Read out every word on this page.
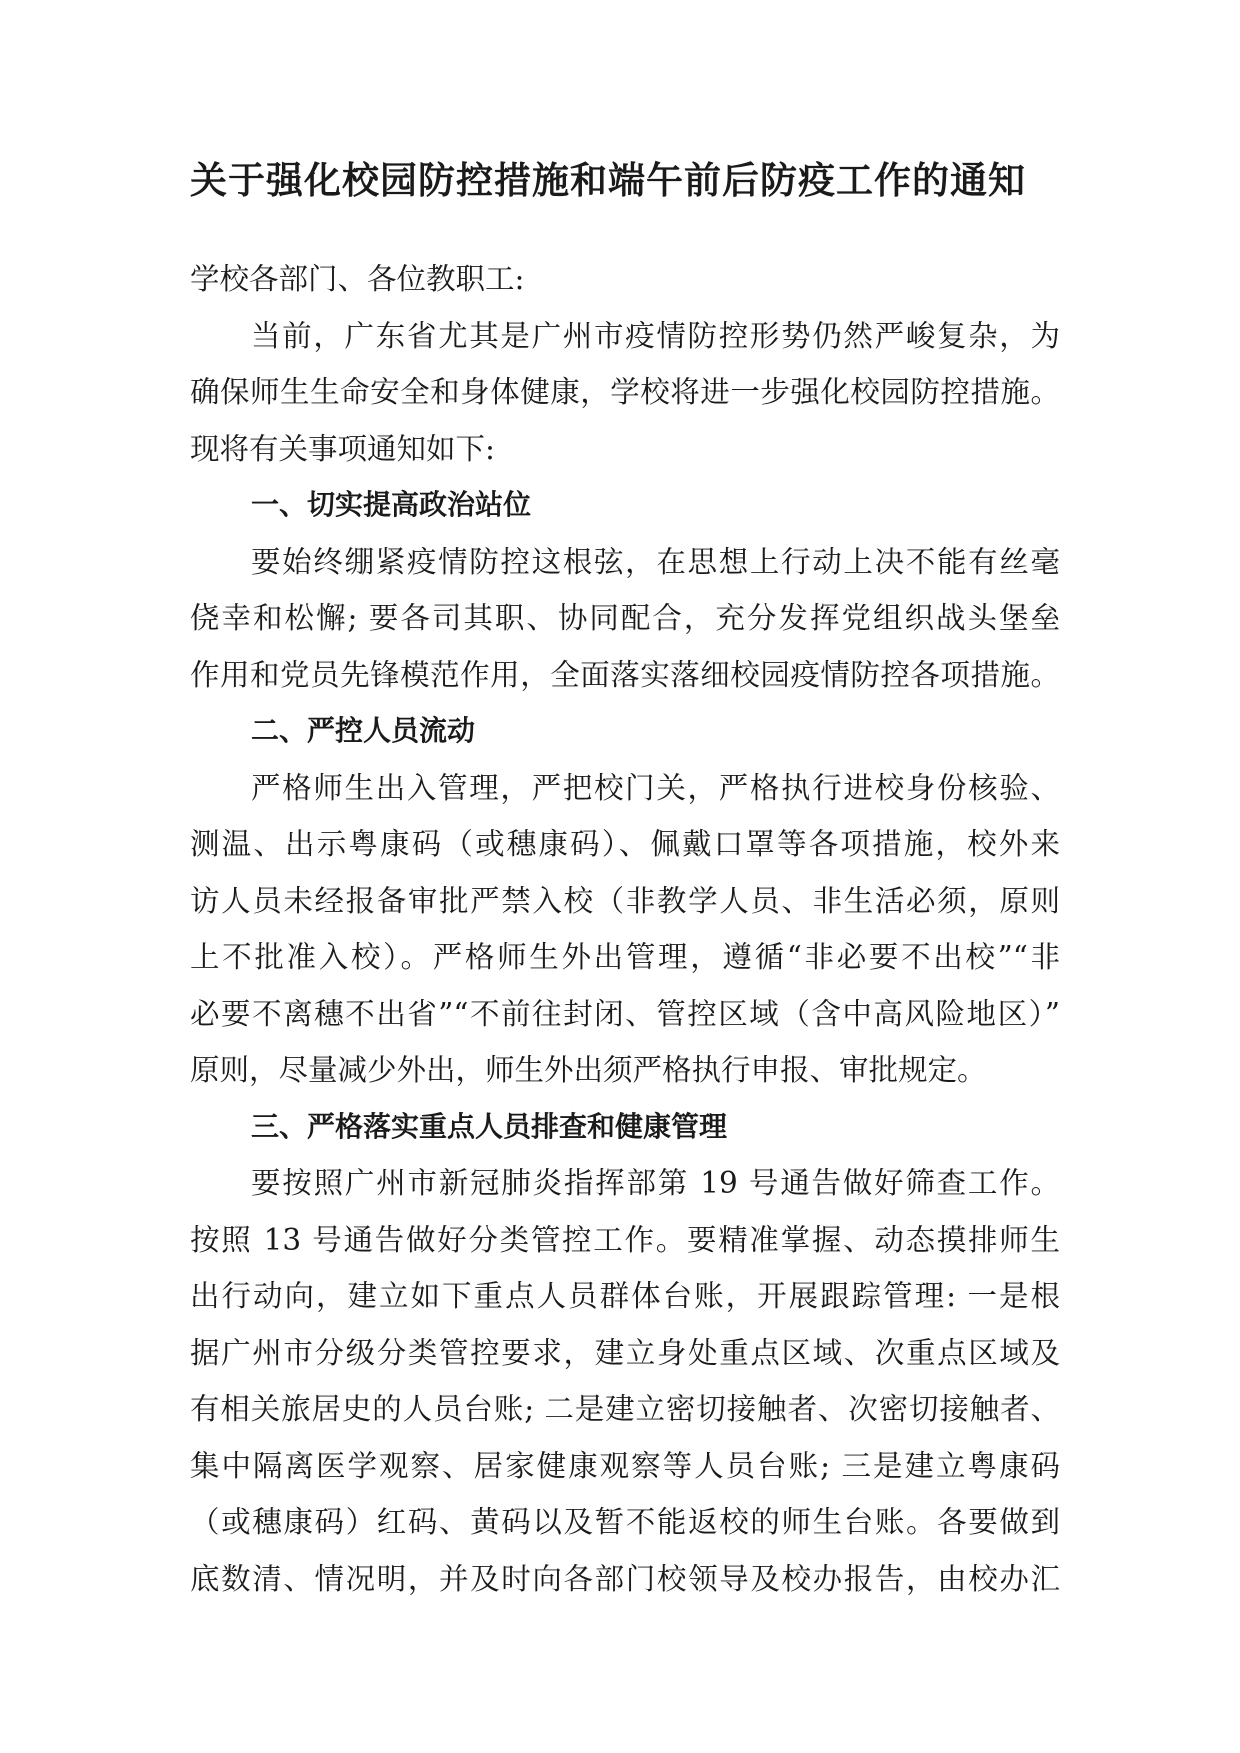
关于强化校园防控措施和端午前后防疫工作的通知
学校各部门、各位教职工:
当前，广东省尤其是广州市疫情防控形势仍然严峻复杂，为
确保师生生命安全和身体健康，学校将进一步强化校园防控措施。
现将有关事项通知如下:
一、切实提高政治站位
要始终绷紧疫情防控这根弦，在思想上行动上决不能有丝毫
侥幸和松懈; 要各司其职、协同配合，充分发挥党组织战头堡垒
作用和党员先锋模范作用，全面落实落细校园疫情防控各项措施。
二、严控人员流动
严格师生出入管理，严把校门关，严格执行进校身份核验、
测温、出示粤康码（或穗康码）、佩戴口罩等各项措施，校外来
访人员未经报备审批严禁入校（非教学人员、非生活必须，原则
上不批准入校）。严格师生外出管理，遵循“非必要不出校”“非
必要不离穗不出省”“不前往封闭、管控区域（含中高风险地区）”
原则，尽量减少外出，师生外出须严格执行申报、审批规定。
三、严格落实重点人员排查和健康管理
要按照广州市新冠肺炎指挥部第 19 号通告做好筛查工作。
按照 13 号通告做好分类管控工作。要精准掌握、动态摸排师生
出行动向，建立如下重点人员群体台账，开展跟踪管理: 一是根
据广州市分级分类管控要求，建立身处重点区域、次重点区域及
有相关旅居史的人员台账; 二是建立密切接触者、次密切接触者、
集中隔离医学观察、居家健康观察等人员台账; 三是建立粤康码
（或穗康码）红码、黄码以及暂不能返校的师生台账。各要做到
底数清、情况明，并及时向各部门校领导及校办报告，由校办汇
